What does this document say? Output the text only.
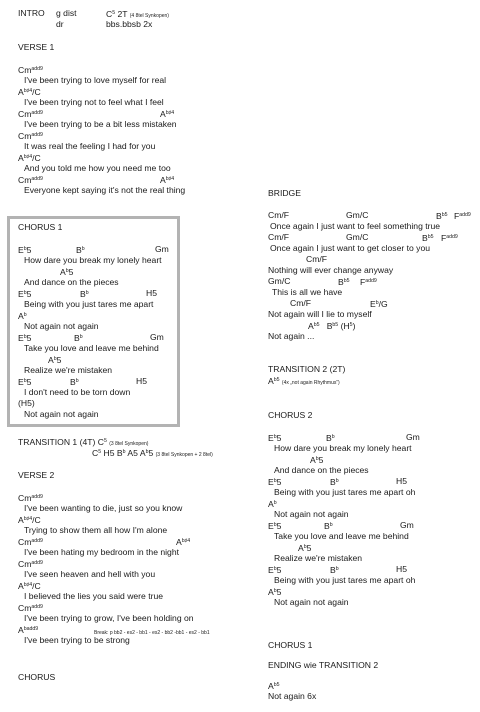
INTRO g dist	$C^5$ 2T (4 8tel Synkopen)
dr	bbs.bbsb 2x
VERSE 1
$Cm^{add9}$
I've been trying to love myself for real
$A^{b♯4}/C$
I've been trying not to feel what I feel
$Cm^{add9}$	$A^{b♯4}$
I've been trying to be a bit less mistaken
$Cm^{add9}$
It was real the feeling I had for you
$A^{b♯4}/C$
And you told me how you need me too
$Cm^{add9}$	$A^{b♯4}$
Everyone kept saying it's not the real thing
CHORUS 1
$E^b5$	$B^b$	Gm
How dare you break my lonely heart
$A^b5$
And dance on the pieces
$E^b5$	$B^b$	H5
Being with you just tares me apart
$A^b$
Not again not again
$E^b5$	$B^b$	Gm
Take you love and leave me behind
$A^b5$
Realize we're mistaken
$E^b5$	$B^b$	H5
I don't need to be torn down
(H5)
Not again not again
TRANSITION 1 (4T) $C^5$ (3 8tel Synkopen)
$C^5$ H5 $B^b$ A5 $A^b5$ (3 8tel Synkopen + 2 8tel)
VERSE 2
$Cm^{add9}$
I've been wanting to die, just so you know
$A^{b♯4}/C$
Trying to show them all how I'm alone
$Cm^{add9}$	$A^{b♯4}$
I've been hating my bedroom in the night
$Cm^{add9}$
I've seen heaven and hell with you
$A^{b♯4}/C$
I believed the lies you said were true
$Cm^{add9}$
I've been trying to grow, I've been holding on
$A^{badd9}$
Break: p bb2 - es2 - bb1 - es2 - bb2 -bb1 - es2 - bb1
I've been trying to be strong
CHORUS
BRIDGE
Cm/F	Gm/C	$B^{b5}$ $F^{add9}$
Once again I just want to feel something true
Cm/F	Gm/C	$B^{b5}$ $F^{add9}$
Once again I just want to get closer to you
Cm/F
Nothing will ever change anyway
Gm/C	$B^{b5}$ $F^{add9}$
This is all we have
Cm/F	$E^b/G$
Not again will I lie to myself
$A^{b5}$ $B^{b5}$ $(H^5)$
Not again ...
TRANSITION 2 (2T)
$A^{b5}$ (4x „not again Rhythmus“)
CHORUS 2
$E^b5$	$B^b$	Gm
How dare you break my lonely heart
$A^b5$
And dance on the pieces
$E^b5$	$B^b$	H5
Being with you just tares me apart oh
$A^b$
Not again not again
$E^b5$	$B^b$	Gm
Take you love and leave me behind
$A^b5$
Realize we're mistaken
$E^b5$	$B^b$	H5
Being with you just tares me apart oh
$A^b5$
Not again not again
CHORUS 1
ENDING wie TRANSITION 2
$A^{b5}$
Not again 6x
